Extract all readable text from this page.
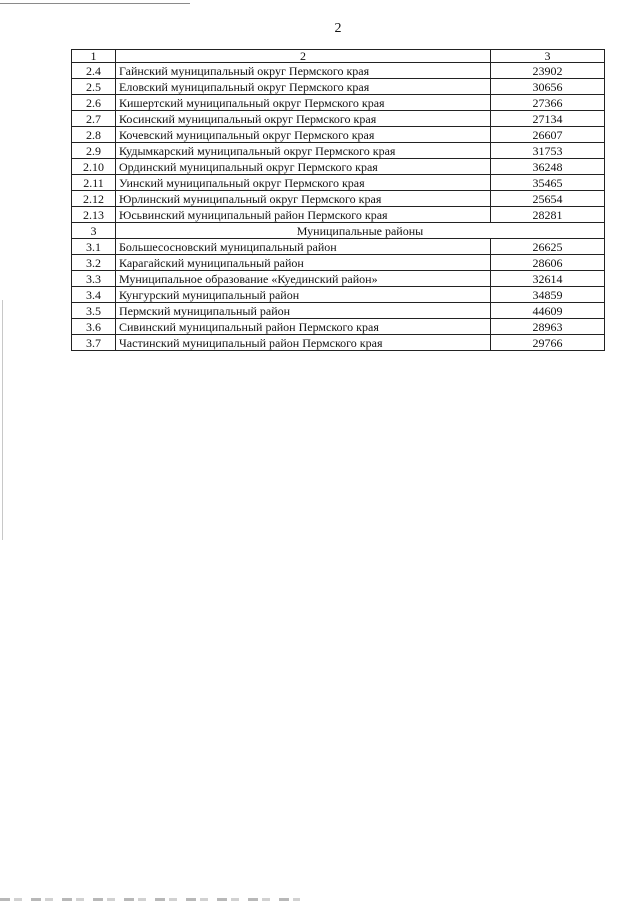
2
1	2	3
2.4	Гайнский муниципальный округ Пермского края	23902
2.5	Еловский муниципальный округ Пермского края	30656
2.6	Кишертский муниципальный округ Пермского края	27366
2.7	Косинский муниципальный округ Пермского края	27134
2.8	Кочевский муниципальный округ Пермского края	26607
2.9	Кудымкарский муниципальный округ Пермского края	31753
2.10	Ординский муниципальный округ Пермского края	36248
2.11	Уинский муниципальный округ Пермского края	35465
2.12	Юрлинский муниципальный округ Пермского края	25654
2.13	Юсьвинский муниципальный район Пермского края	28281
3	Муниципальные районы	
3.1	Большесосновский муниципальный район	26625
3.2	Карагайский муниципальный район	28606
3.3	Муниципальное образование «Куединский район»	32614
3.4	Кунгурский муниципальный район	34859
3.5	Пермский муниципальный район	44609
3.6	Сивинский муниципальный район Пермского края	28963
3.7	Частинский муниципальный район Пермского края	29766
